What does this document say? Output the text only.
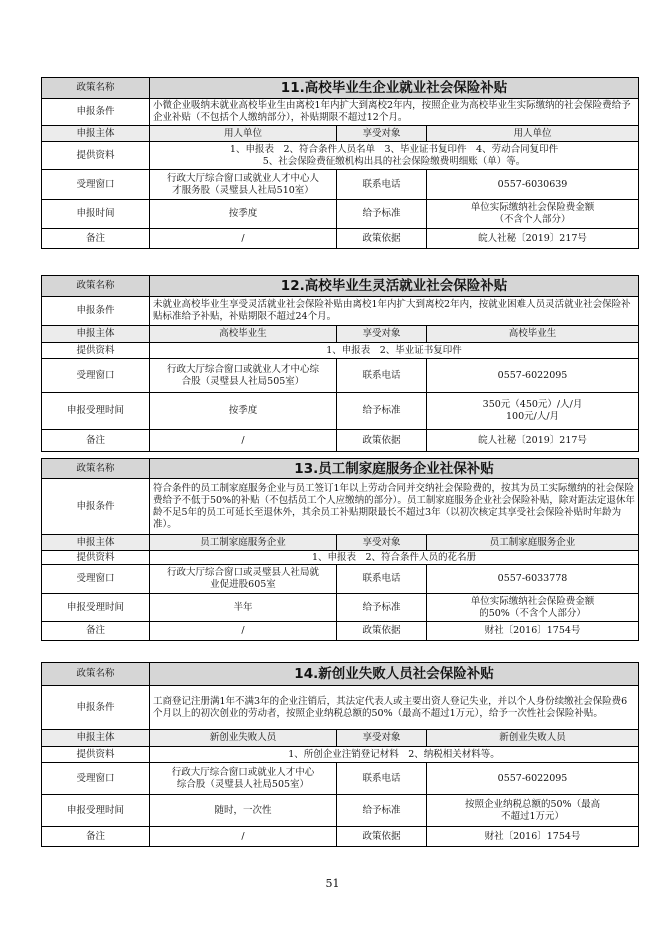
政策名称	11.高校毕业生企业就业社会保险补贴		
申报条件	小微企业吸纳未就业高校毕业生由离校1年内扩大到离校2年内，按照企业为高校毕业生实际缴纳的社会保险费给予企业补贴（不包括个人缴纳部分），补贴期限不超过12个月。		
申报主体	用人单位	享受对象	用人单位
提供资料	1、申报表　2、符合条件人员名单　3、毕业证书复印件　4、劳动合同复印件
5、社会保险费征缴机构出具的社会保险缴费明细账（单）等。		

受理窗口	行政大厅综合窗口或就业人才中心人
才服务股（灵璧县人社局510室）	联系电话	0557-6030639
申报时间	按季度	给予标准	单位实际缴纳社会保险费金额
（不含个人部分）

备注	/	政策依据	皖人社秘〔2019〕217号
政策名称	12.高校毕业生灵活就业社会保险补贴		
申报条件	未就业高校毕业生享受灵活就业社会保险补贴由离校1年内扩大到离校2年内，按就业困难人员灵活就业社会保险补贴标准给予补贴，补贴期限不超过24个月。		
申报主体	高校毕业生	享受对象	高校毕业生
提供资料	1、申报表　2、毕业证书复印件		

受理窗口	行政大厅综合窗口或就业人才中心综
合股（灵璧县人社局505室）	联系电话	0557-6022095
申报受理时间	按季度	给予标准	350元（450元）/人/月
100元/人/月

备注	/	政策依据	皖人社秘〔2019〕217号
政策名称	13.员工制家庭服务企业社保补贴		
申报条件	符合条件的员工制家庭服务企业与员工签订1年以上劳动合同并交纳社会保险费的，按其为员工实际缴纳的社会保险费给予不低于50%的补贴（不包括员工个人应缴纳的部分）。员工制家庭服务企业社会保险补贴，除对距法定退休年龄不足5年的员工可延长至退休外，其余员工补贴期限最长不超过3年（以初次核定其享受社会保险补贴时年龄为准）。		
申报主体	员工制家庭服务企业	享受对象	员工制家庭服务企业
提供资料	1、申报表　2、符合条件人员的花名册		

受理窗口	行政大厅综合窗口或灵璧县人社局就
业促进股605室	联系电话	0557-6033778
申报受理时间	半年	给予标准	单位实际缴纳社会保险费金额
的50%（不含个人部分）

备注	/	政策依据	财社〔2016〕1754号
政策名称	14.新创业失败人员社会保险补贴		
申报条件	工商登记注册满1年不满3年的企业注销后，其法定代表人或主要出资人登记失业，并以个人身份续缴社会保险费6个月以上的初次创业的劳动者，按照企业纳税总额的50%（最高不超过1万元），给予一次性社会保险补贴。		
申报主体	新创业失败人员	享受对象	新创业失败人员
提供资料	1、所创企业注销登记材料　2、纳税相关材料等。		

受理窗口	行政大厅综合窗口或就业人才中心
综合股（灵璧县人社局505室）	联系电话	0557-6022095
申报受理时间	随时，一次性	给予标准	按照企业纳税总额的50%（最高
不超过1万元）

备注	/	政策依据	财社〔2016〕1754号
51
